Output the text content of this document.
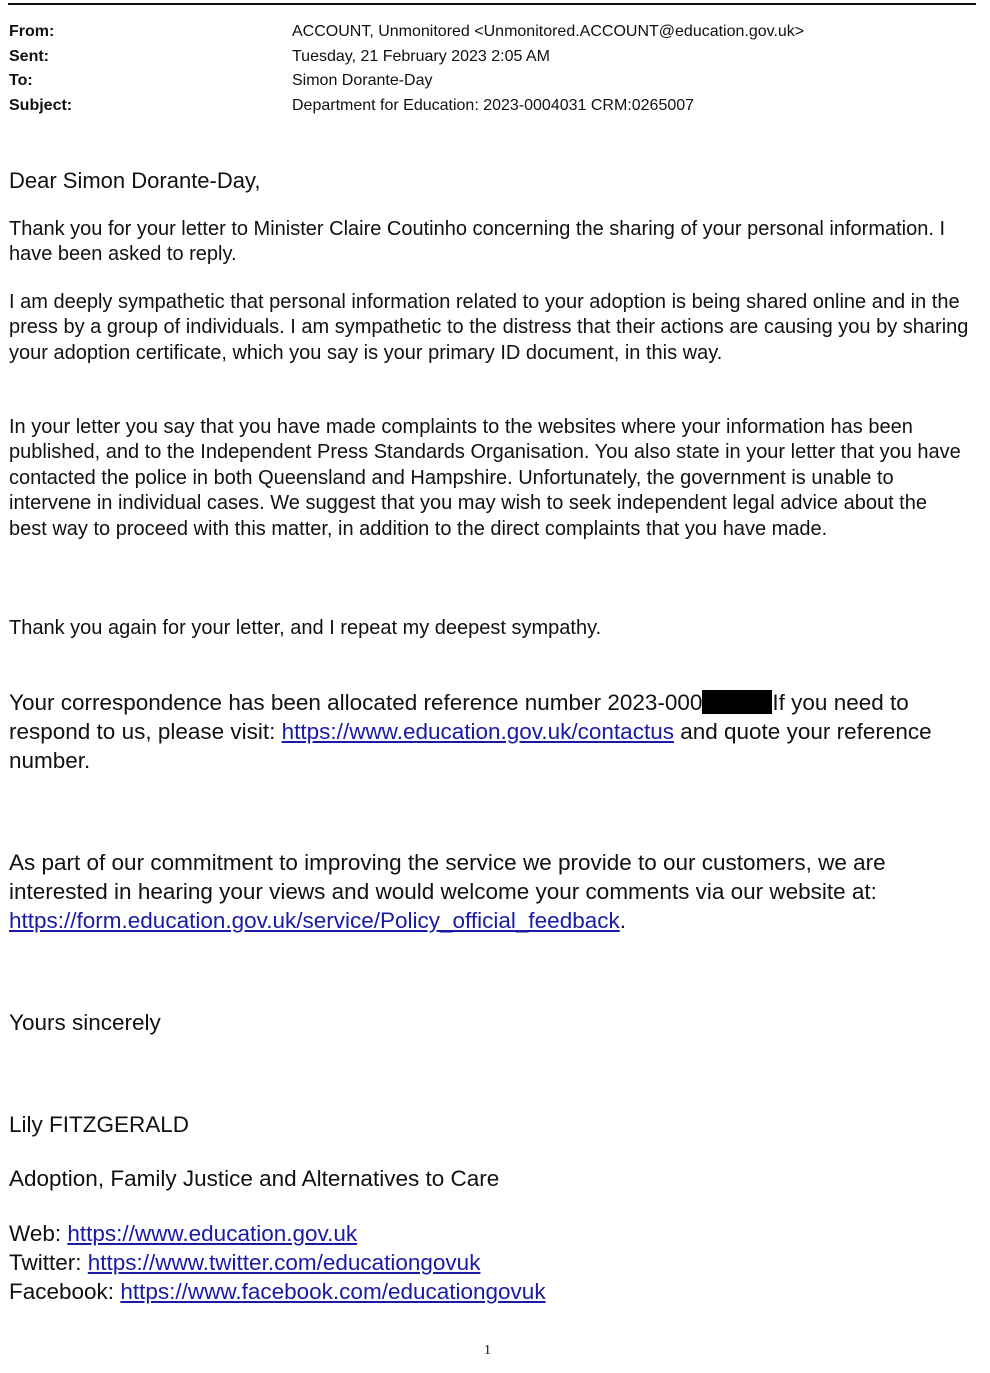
From:	ACCOUNT, Unmonitored <Unmonitored.ACCOUNT@education.gov.uk>
Sent:	Tuesday, 21 February 2023 2:05 AM
To:	Simon Dorante-Day
Subject:	Department for Education: 2023-0004031 CRM:0265007

Dear Simon Dorante-Day,

Thank you for your letter to Minister Claire Coutinho concerning the sharing of your personal information. I have been asked to reply.

I am deeply sympathetic that personal information related to your adoption is being shared online and in the press by a group of individuals. I am sympathetic to the distress that their actions are causing you by sharing your adoption certificate, which you say is your primary ID document, in this way.

In your letter you say that you have made complaints to the websites where your information has been published, and to the Independent Press Standards Organisation. You also state in your letter that you have contacted the police in both Queensland and Hampshire. Unfortunately, the government is unable to intervene in individual cases. We suggest that you may wish to seek independent legal advice about the best way to proceed with this matter, in addition to the direct complaints that you have made.

Thank you again for your letter, and I repeat my deepest sympathy.

Your correspondence has been allocated reference number 2023-000	If you need to respond to us, please visit: https://www.education.gov.uk/contactus and quote your reference number.

As part of our commitment to improving the service we provide to our customers, we are interested in hearing your views and would welcome your comments via our website at: https://form.education.gov.uk/service/Policy_official_feedback.

Yours sincerely

Lily FITZGERALD

Adoption, Family Justice and Alternatives to Care

Web: https://www.education.gov.uk

Twitter: https://www.twitter.com/educationgovuk

Facebook: https://www.facebook.com/educationgovuk

1
